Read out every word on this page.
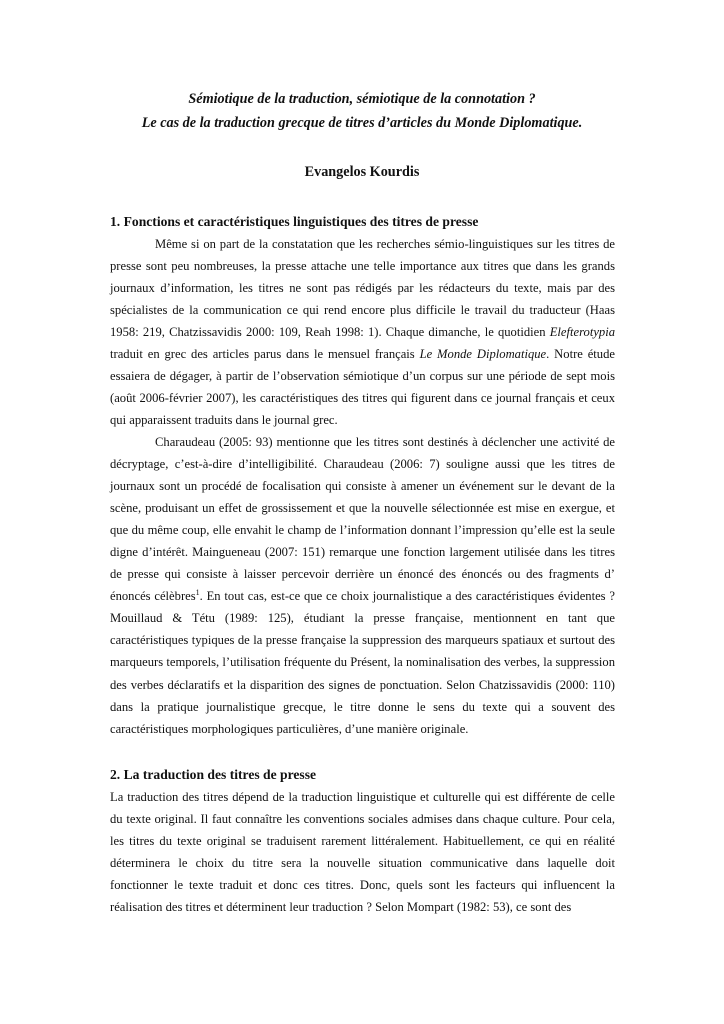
Sémiotique de la traduction, sémiotique de la connotation ?
Le cas de la traduction grecque de titres d’articles du Monde Diplomatique.
Evangelos Kourdis
1. Fonctions et caractéristiques linguistiques des titres de presse

Même si on part de la constatation que les recherches sémio-linguistiques sur les titres de presse sont peu nombreuses, la presse attache une telle importance aux titres que dans les grands journaux d’information, les titres ne sont pas rédigés par les rédacteurs du texte, mais par des spécialistes de la communication ce qui rend encore plus difficile le travail du traducteur (Haas 1958: 219, Chatzissavidis 2000: 109, Reah 1998: 1). Chaque dimanche, le quotidien Elefterotypia traduit en grec des articles parus dans le mensuel français Le Monde Diplomatique. Notre étude essaiera de dégager, à partir de l’observation sémiotique d’un corpus sur une période de sept mois (août 2006-février 2007), les caractéristiques des titres qui figurent dans ce journal français et ceux qui apparaissent traduits dans le journal grec.

Charaudeau (2005: 93) mentionne que les titres sont destinés à déclencher une activité de décryptage, c’est-à-dire d’intelligibilité. Charaudeau (2006: 7) souligne aussi que les titres de journaux sont un procédé de focalisation qui consiste à amener un événement sur le devant de la scène, produisant un effet de grossissement et que la nouvelle sélectionnée est mise en exergue, et que du même coup, elle envahit le champ de l’information donnant l’impression qu’elle est la seule digne d’intérêt. Maingueneau (2007: 151) remarque une fonction largement utilisée dans les titres de presse qui consiste à laisser percevoir derrière un énoncé des énoncés ou des fragments d’ énoncés célèbres$^1$. En tout cas, est-ce que ce choix journalistique a des caractéristiques évidentes ? Mouillaud & Tétu (1989: 125), étudiant la presse française, mentionnent en tant que caractéristiques typiques de la presse française la suppression des marqueurs spatiaux et surtout des marqueurs temporels, l’utilisation fréquente du Présent, la nominalisation des verbes, la suppression des verbes déclaratifs et la disparition des signes de ponctuation. Selon Chatzissavidis (2000: 110) dans la pratique journalistique grecque, le titre donne le sens du texte qui a souvent des caractéristiques morphologiques particulières, d’une manière originale.

2. La traduction des titres de presse

La traduction des titres dépend de la traduction linguistique et culturelle qui est différente de celle du texte original. Il faut connaître les conventions sociales admises dans chaque culture. Pour cela, les titres du texte original se traduisent rarement littéralement. Habituellement, ce qui en réalité déterminera le choix du titre sera la nouvelle situation communicative dans laquelle doit fonctionner le texte traduit et donc ces titres. Donc, quels sont les facteurs qui influencent la réalisation des titres et déterminent leur traduction ? Selon Mompart (1982: 53), ce sont des
